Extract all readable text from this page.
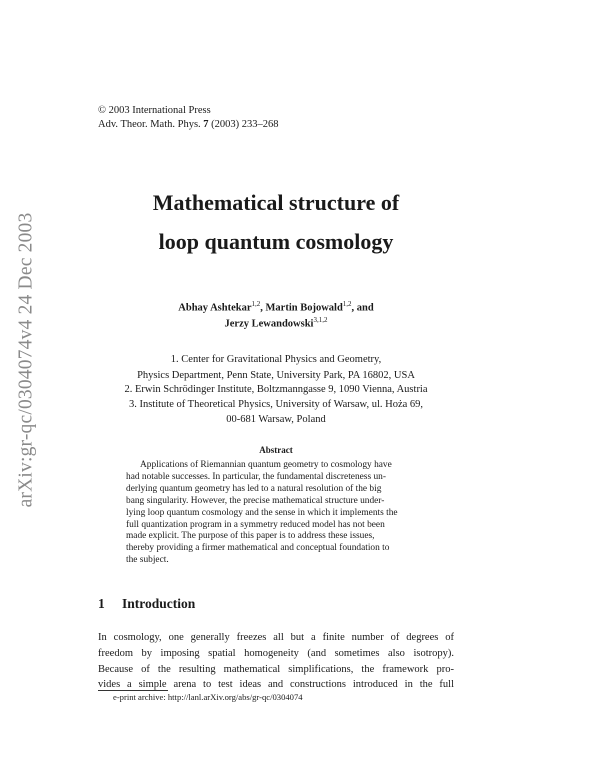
arXiv:gr-qc/0304074v4 24 Dec 2003
© 2003 International Press
Adv. Theor. Math. Phys. 7 (2003) 233–268
Mathematical structure of
loop quantum cosmology
Abhay Ashtekar$^{1,2}$, Martin Bojowald$^{1,2}$, and
Jerzy Lewandowski$^{3,1,2}$
1. Center for Gravitational Physics and Geometry,
Physics Department, Penn State, University Park, PA 16802, USA
2. Erwin Schrödinger Institute, Boltzmanngasse 9, 1090 Vienna, Austria
3. Institute of Theoretical Physics, University of Warsaw, ul. Hoża 69,
00-681 Warsaw, Poland
Abstract
Applications of Riemannian quantum geometry to cosmology have
had notable successes. In particular, the fundamental discreteness un-
derlying quantum geometry has led to a natural resolution of the big
bang singularity. However, the precise mathematical structure under-
lying loop quantum cosmology and the sense in which it implements the
full quantization program in a symmetry reduced model has not been
made explicit. The purpose of this paper is to address these issues,
thereby providing a firmer mathematical and conceptual foundation to
the subject.
1 Introduction
In cosmology, one generally freezes all but a finite number of degrees of
freedom by imposing spatial homogeneity (and sometimes also isotropy).
Because of the resulting mathematical simplifications, the framework pro-
vides a simple arena to test ideas and constructions introduced in the full
e-print archive: http://lanl.arXiv.org/abs/gr-qc/0304074
